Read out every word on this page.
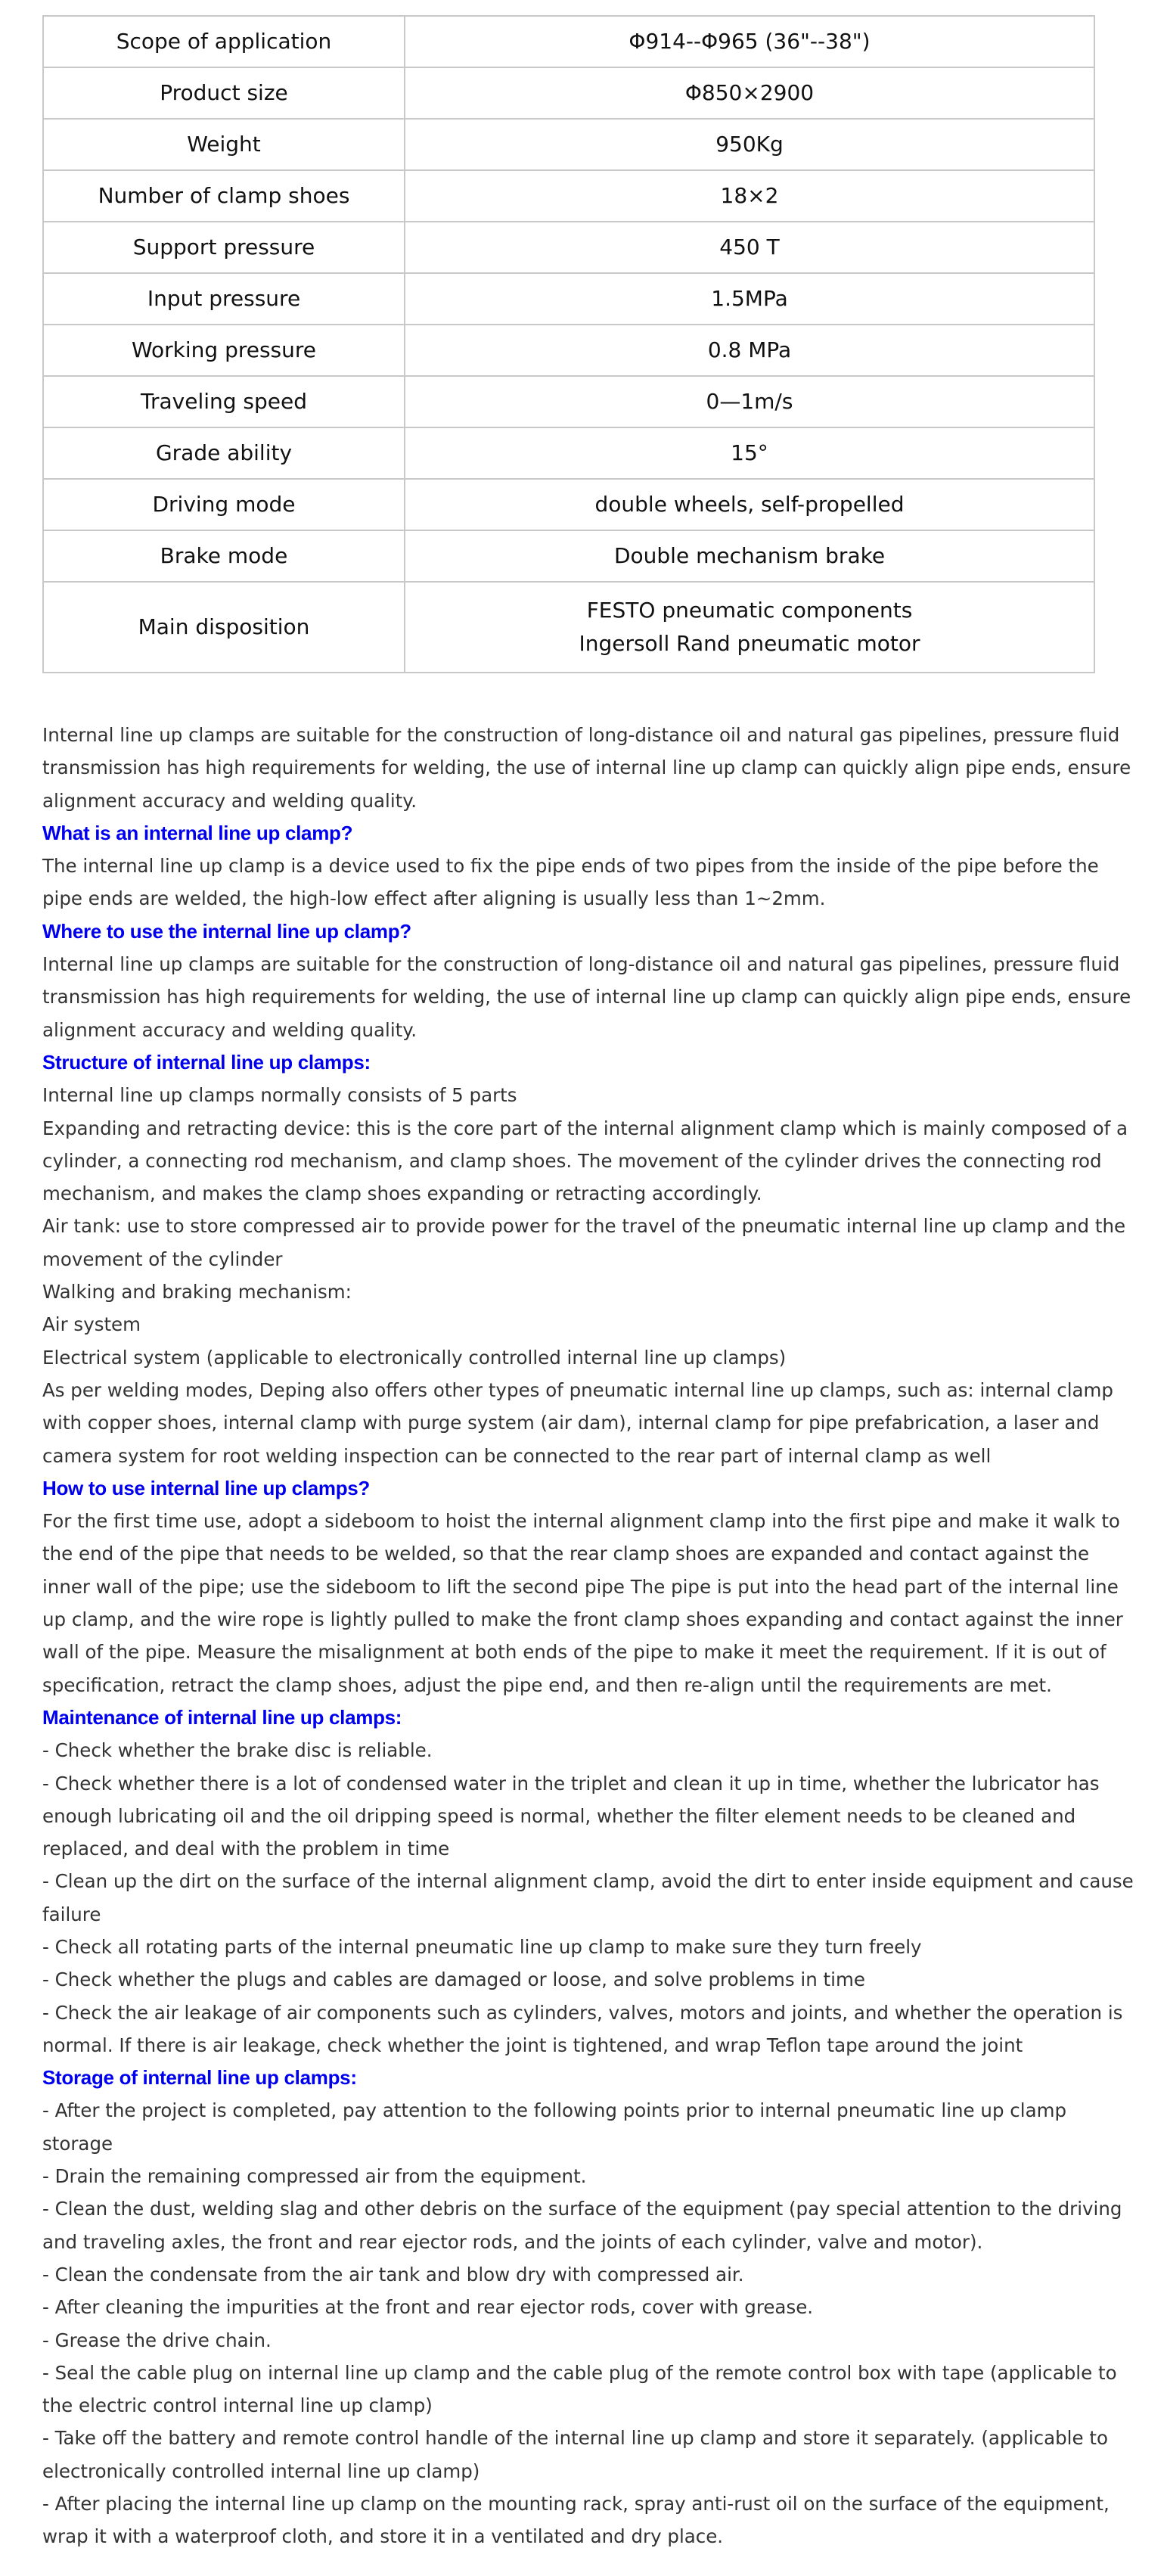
Scope of application	Φ914--Φ965 (36"--38")
Product size	Φ850×2900
Weight	950Kg
Number of clamp shoes	18×2
Support pressure	450 T
Input pressure	1.5MPa
Working pressure	0.8 MPa
Traveling speed	0—1m/s
Grade ability	15°
Driving mode	double wheels, self-propelled
Brake mode	Double mechanism brake
Main disposition	FESTO pneumatic components
Ingersoll Rand pneumatic motor

Internal line up clamps are suitable for the construction of long-distance oil and natural gas pipelines, pressure fluid transmission has high requirements for welding, the use of internal line up clamp can quickly align pipe ends, ensure alignment accuracy and welding quality.

What is an internal line up clamp?

The internal line up clamp is a device used to fix the pipe ends of two pipes from the inside of the pipe before the pipe ends are welded, the high-low effect after aligning is usually less than 1~2mm.

Where to use the internal line up clamp?

Internal line up clamps are suitable for the construction of long-distance oil and natural gas pipelines, pressure fluid transmission has high requirements for welding, the use of internal line up clamp can quickly align pipe ends, ensure alignment accuracy and welding quality.

Structure of internal line up clamps:

Internal line up clamps normally consists of 5 parts

Expanding and retracting device: this is the core part of the internal alignment clamp which is mainly composed of a cylinder, a connecting rod mechanism, and clamp shoes. The movement of the cylinder drives the connecting rod mechanism, and makes the clamp shoes expanding or retracting accordingly.

Air tank: use to store compressed air to provide power for the travel of the pneumatic internal line up clamp and the movement of the cylinder

Walking and braking mechanism:

Air system

Electrical system (applicable to electronically controlled internal line up clamps)

As per welding modes, Deping also offers other types of pneumatic internal line up clamps, such as: internal clamp with copper shoes, internal clamp with purge system (air dam), internal clamp for pipe prefabrication, a laser and camera system for root welding inspection can be connected to the rear part of internal clamp as well

How to use internal line up clamps?

For the first time use, adopt a sideboom to hoist the internal alignment clamp into the first pipe and make it walk to the end of the pipe that needs to be welded, so that the rear clamp shoes are expanded and contact against the inner wall of the pipe; use the sideboom to lift the second pipe The pipe is put into the head part of the internal line up clamp, and the wire rope is lightly pulled to make the front clamp shoes expanding and contact against the inner wall of the pipe. Measure the misalignment at both ends of the pipe to make it meet the requirement. If it is out of specification, retract the clamp shoes, adjust the pipe end, and then re-align until the requirements are met.

Maintenance of internal line up clamps:

- Check whether the brake disc is reliable.

- Check whether there is a lot of condensed water in the triplet and clean it up in time, whether the lubricator has enough lubricating oil and the oil dripping speed is normal, whether the filter element needs to be cleaned and replaced, and deal with the problem in time

- Clean up the dirt on the surface of the internal alignment clamp, avoid the dirt to enter inside equipment and cause failure

- Check all rotating parts of the internal pneumatic line up clamp to make sure they turn freely

- Check whether the plugs and cables are damaged or loose, and solve problems in time

- Check the air leakage of air components such as cylinders, valves, motors and joints, and whether the operation is normal. If there is air leakage, check whether the joint is tightened, and wrap Teflon tape around the joint

Storage of internal line up clamps:

- After the project is completed, pay attention to the following points prior to internal pneumatic line up clamp storage

- Drain the remaining compressed air from the equipment.

- Clean the dust, welding slag and other debris on the surface of the equipment (pay special attention to the driving and traveling axles, the front and rear ejector rods, and the joints of each cylinder, valve and motor).

- Clean the condensate from the air tank and blow dry with compressed air.

- After cleaning the impurities at the front and rear ejector rods, cover with grease.

- Grease the drive chain.

- Seal the cable plug on internal line up clamp and the cable plug of the remote control box with tape (applicable to the electric control internal line up clamp)

- Take off the battery and remote control handle of the internal line up clamp and store it separately. (applicable to electronically controlled internal line up clamp)

- After placing the internal line up clamp on the mounting rack, spray anti-rust oil on the surface of the equipment, wrap it with a waterproof cloth, and store it in a ventilated and dry place.
